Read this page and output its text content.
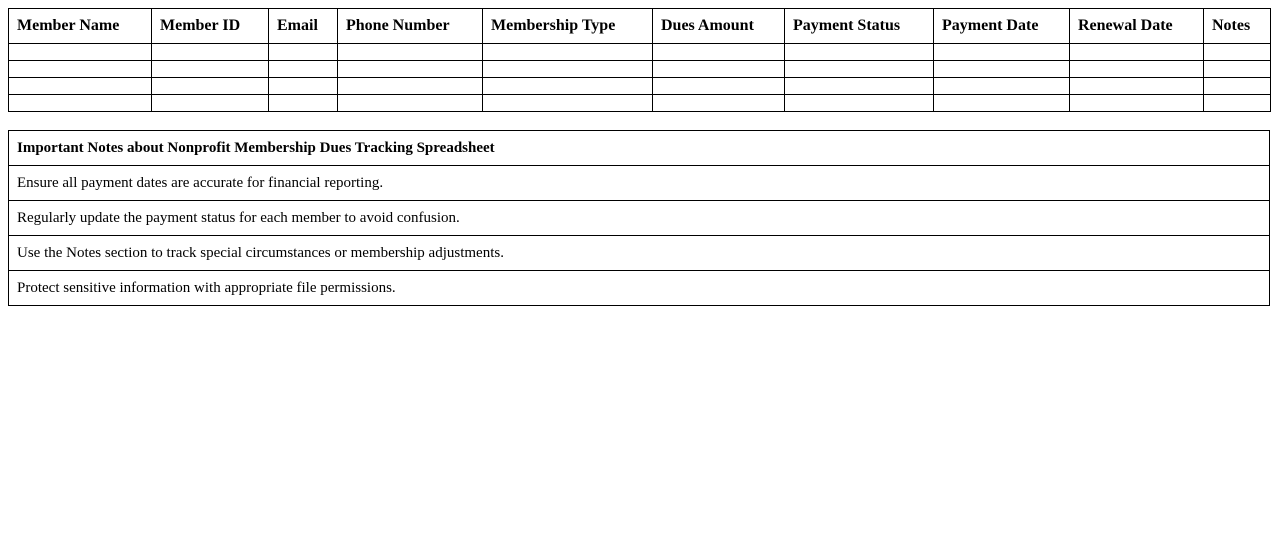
Member Name	Member ID	Email	Phone Number	Membership Type	Dues Amount	Payment Status	Payment Date	Renewal Date	Notes

Important Notes about Nonprofit Membership Dues Tracking Spreadsheet
Ensure all payment dates are accurate for financial reporting.
Regularly update the payment status for each member to avoid confusion.
Use the Notes section to track special circumstances or membership adjustments.
Protect sensitive information with appropriate file permissions.
